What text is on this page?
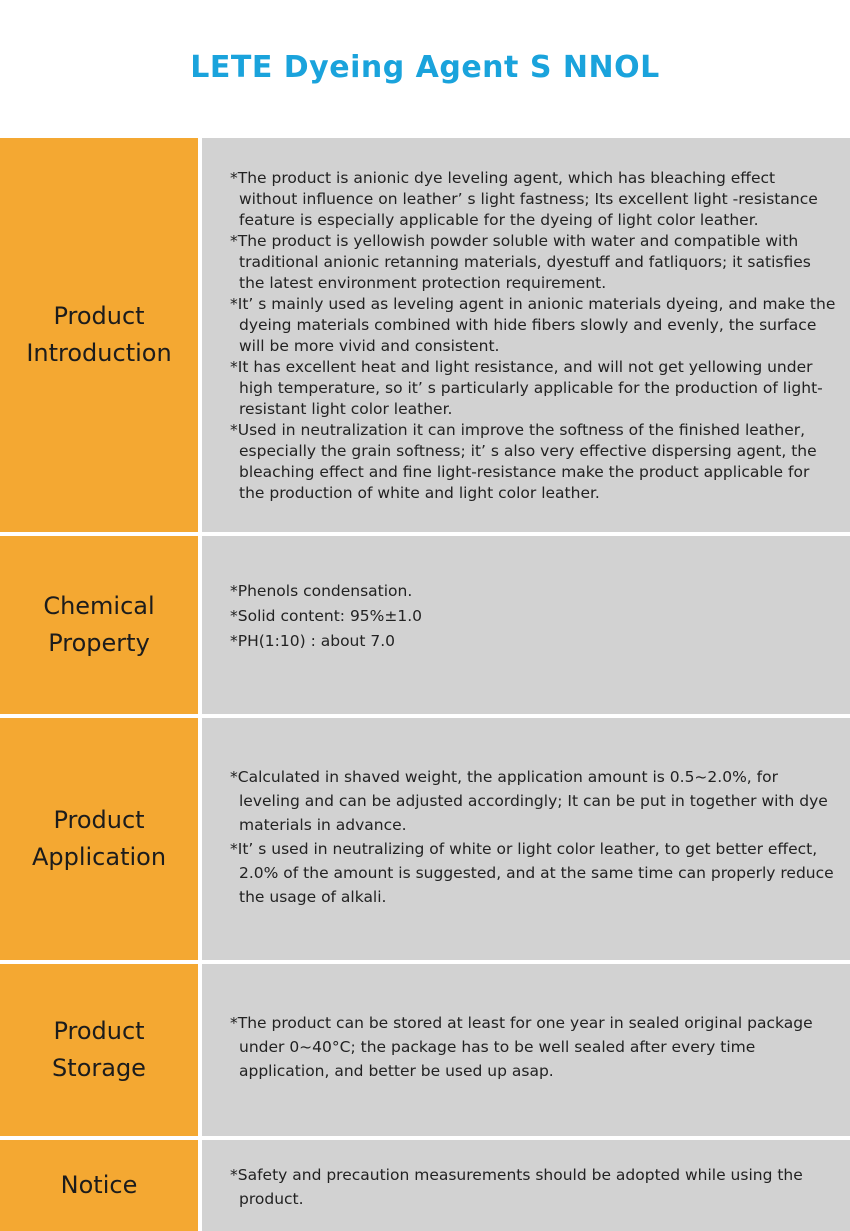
LETE Dyeing Agent S NNOL
Product
Introduction

*The product is anionic dye leveling agent, which has bleaching effect without influence on leather’ s light fastness; Its excellent light -resistance feature is especially applicable for the dyeing of light color leather.

*The product is yellowish powder soluble with water and compatible with traditional anionic retanning materials, dyestuff and fatliquors; it satisfies the latest environment protection requirement.

*It’ s mainly used as leveling agent in anionic materials dyeing, and make the dyeing materials combined with hide fibers slowly and evenly, the surface will be more vivid and consistent.

*It has excellent heat and light resistance, and will not get yellowing under high temperature, so it’ s particularly applicable for the production of light-resistant light color leather.

*Used in neutralization it can improve the softness of the finished leather, especially the grain softness; it’ s also very effective dispersing agent, the bleaching effect and fine light-resistance make the product applicable for the production of white and light color leather.

Chemical
Property

*Phenols condensation.

*Solid content: 95%±1.0

*PH(1:10) : about 7.0

Product
Application

*Calculated in shaved weight, the application amount is 0.5~2.0%, for leveling and can be adjusted accordingly; It can be put in together with dye materials in advance.

*It’ s used in neutralizing of white or light color leather, to get better effect, 2.0% of the amount is suggested, and at the same time can properly reduce the usage of alkali.

Product
Storage

*The product can be stored at least for one year in sealed original package under 0~40°C; the package has to be well sealed after every time application, and better be used up asap.

Notice	*Safety and precaution measurements should be adopted while using the product.
